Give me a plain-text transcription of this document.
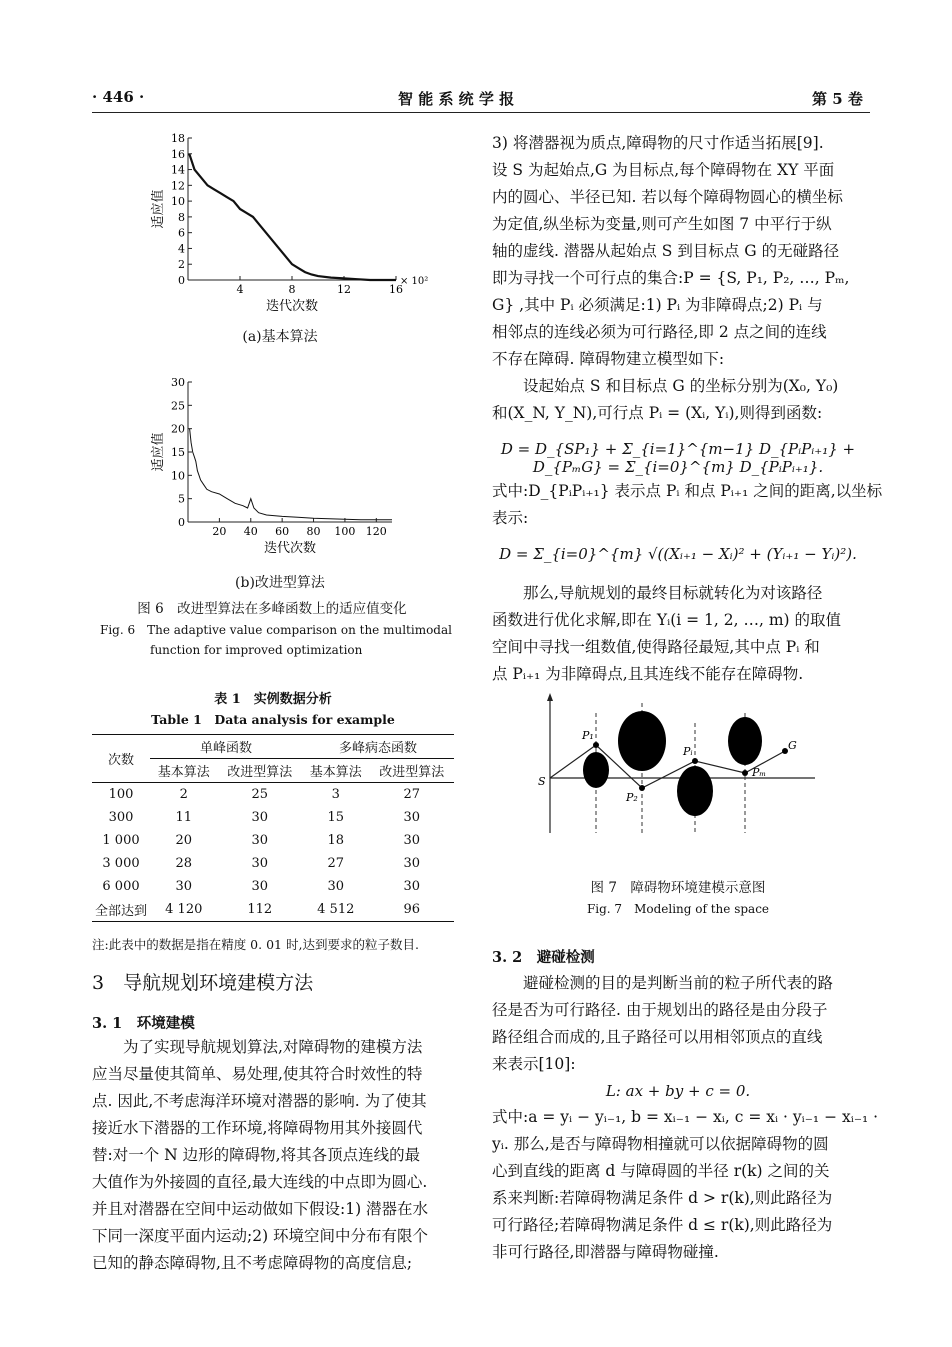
· 446 ·	智 能 系 统 学 报	第 5 卷
0
2
4
6
8
10
12
14
16
18
4	8	12	16
适应值
迭代次数
× 10²
(a)基本算法
0
5
10
15
20
25
30
20 40 60 80 100 120
适应值
迭代次数
(b)改进型算法
图 6　改进型算法在多峰函数上的适应值变化
Fig. 6　The adaptive value comparison on the multimodal
function for improved optimization
表 1　实例数据分析
Table 1　Data analysis for example
次数	单峰函数		多峰病态函数	
	基本算法	改进型算法	基本算法	改进型算法
100	2	25	3	27
300	11	30	15	30
1 000	20	30	18	30
3 000	28	30	27	30
6 000	30	30	30	30
全部达到	4 120	112	4 512	96
注:此表中的数据是指在精度 0. 01 时,达到要求的粒子数目.
3　导航规划环境建模方法
3. 1　环境建模

为了实现导航规划算法,对障碍物的建模方法

应当尽量使其简单、易处理,使其符合时效性的特

点. 因此,不考虑海洋环境对潜器的影响. 为了使其

接近水下潜器的工作环境,将障碍物用其外接圆代

替:对一个 N 边形的障碍物,将其各顶点连线的最

大值作为外接圆的直径,最大连线的中点即为圆心.

并且对潜器在空间中运动做如下假设:1) 潜器在水

下同一深度平面内运动;2) 环境空间中分布有限个

已知的静态障碍物,且不考虑障碍物的高度信息;

3) 将潜器视为质点,障碍物的尺寸作适当拓展[9].

设 S 为起始点,G 为目标点,每个障碍物在 XY 平面

内的圆心、半径已知. 若以每个障碍物圆心的横坐标

为定值,纵坐标为变量,则可产生如图 7 中平行于纵

轴的虚线. 潜器从起始点 S 到目标点 G 的无碰路径

即为寻找一个可行点的集合:P = {S, P₁, P₂, …, Pₘ,

G} ,其中 Pᵢ 必须满足:1) Pᵢ 为非障碍点;2) Pᵢ 与

相邻点的连线必须为可行路径,即 2 点之间的连线

不存在障碍. 障碍物建立模型如下:

设起始点 S 和目标点 G 的坐标分别为(X₀, Y₀)

和(X_N, Y_N),可行点 Pᵢ = (Xᵢ, Yᵢ),则得到函数:

D = D_{SP₁} + Σ_{i=1}^{m−1} D_{PᵢPᵢ₊₁} + D_{PₘG} = Σ_{i=0}^{m} D_{PᵢPᵢ₊₁}.

式中:D_{PᵢPᵢ₊₁} 表示点 Pᵢ 和点 Pᵢ₊₁ 之间的距离,以坐标

表示:

D = Σ_{i=0}^{m} √((Xᵢ₊₁ − Xᵢ)² + (Yᵢ₊₁ − Yᵢ)²).

那么,导航规划的最终目标就转化为对该路径

函数进行优化求解,即在 Yᵢ(i = 1, 2, …, m) 的取值

空间中寻找一组数值,使得路径最短,其中点 Pᵢ 和

点 Pᵢ₊₁ 为非障碍点,且其连线不能存在障碍物.

S
P₁
P₂
Pᵢ
Pₘ
G
图 7　障碍物环境建模示意图
Fig. 7　Modeling of the space
3. 2　避碰检测

避碰检测的目的是判断当前的粒子所代表的路

径是否为可行路径. 由于规划出的路径是由分段子

路径组合而成的,且子路径可以用相邻顶点的直线

来表示[10]:

L: ax + by + c = 0.

式中:a = yᵢ − yᵢ₋₁, b = xᵢ₋₁ − xᵢ, c = xᵢ · yᵢ₋₁ − xᵢ₋₁ ·

yᵢ. 那么,是否与障碍物相撞就可以依据障碍物的圆

心到直线的距离 d 与障碍圆的半径 r(k) 之间的关

系来判断:若障碍物满足条件 d > r(k),则此路径为

可行路径;若障碍物满足条件 d ≤ r(k),则此路径为

非可行路径,即潜器与障碍物碰撞.
